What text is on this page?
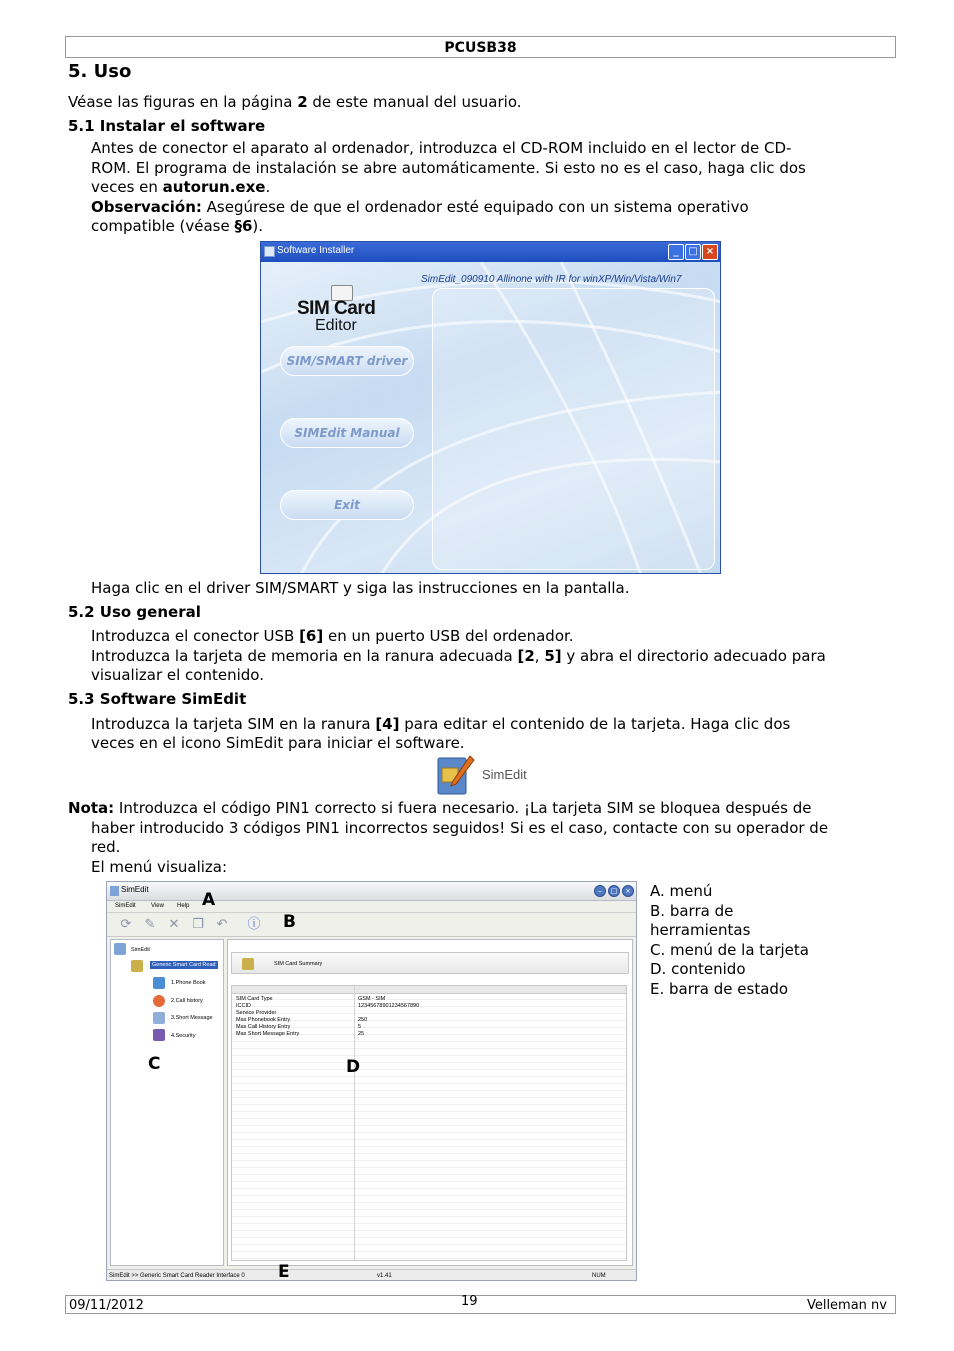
PCUSB38
5. Uso
Véase las figuras en la página 2 de este manual del usuario.
5.1 Instalar el software
Antes de conector el aparato al ordenador, introduzca el CD-ROM incluido en el lector de CD-
ROM. El programa de instalación se abre automáticamente. Si esto no es el caso, haga clic dos
veces en autorun.exe.
Observación: Asegúrese de que el ordenador esté equipado con un sistema operativo
compatible (véase §6).
Software Installer	_ □ ×
SimEdit_090910 Allinone with IR for winXP/Win/Vista/Win7
SIM Card
Editor
SIM/SMART driver
SIMEdit Manual
Exit
Haga clic en el driver SIM/SMART y siga las instrucciones en la pantalla.
5.2 Uso general
Introduzca el conector USB [6] en un puerto USB del ordenador.
Introduzca la tarjeta de memoria en la ranura adecuada [2, 5] y abra el directorio adecuado para
visualizar el contenido.
5.3 Software SimEdit
Introduzca la tarjeta SIM en la ranura [4] para editar el contenido de la tarjeta. Haga clic dos
veces en el icono SimEdit para iniciar el software.
SimEdit
Nota: Introduzca el código PIN1 correcto si fuera necesario. ¡La tarjeta SIM se bloquea después de
haber introducido 3 códigos PIN1 incorrectos seguidos! Si es el caso, contacte con su operador de
red.
El menú visualiza:
SimEdit	–	□	×
SimEdit	View Help A
⟳ ✎ ✕ ❐ ↶ ⓘ B
SimEdit
Generic Smart Card Read
1.Phone Book
2.Call history
3.Short Message
4.Security
C
SIM Card Summary
SIM Card Type	GSM - SIM
ICCID	12345678901234567890
Service Provider
Max Phonebook Entry	250
Max Call History Entry	5
Max Short Message Entry	25
D
SimEdit >> Generic Smart Card Reader Interface 0	v1.41	NUM
E
A. menú
B. barra de
herramientas
C. menú de la tarjeta
D. contenido
E. barra de estado
09/11/2012	19	Velleman nv
